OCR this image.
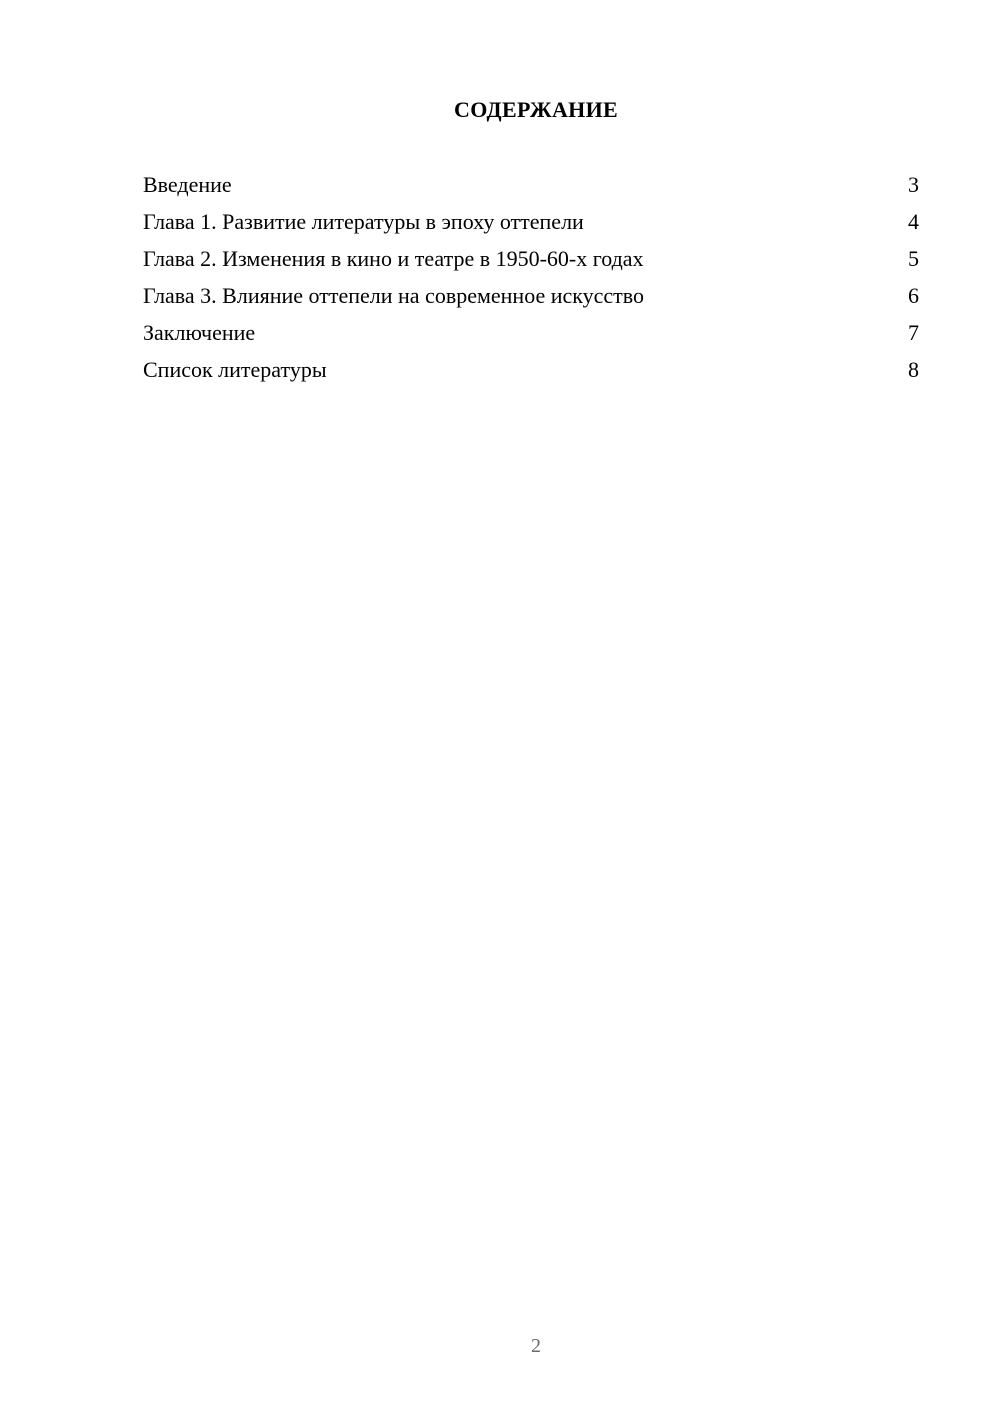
СОДЕРЖАНИЕ
Введение	3
Глава 1. Развитие литературы в эпоху оттепели	4
Глава 2. Изменения в кино и театре в 1950-60-х годах	5
Глава 3. Влияние оттепели на современное искусство	6
Заключение	7
Список литературы	8
2
